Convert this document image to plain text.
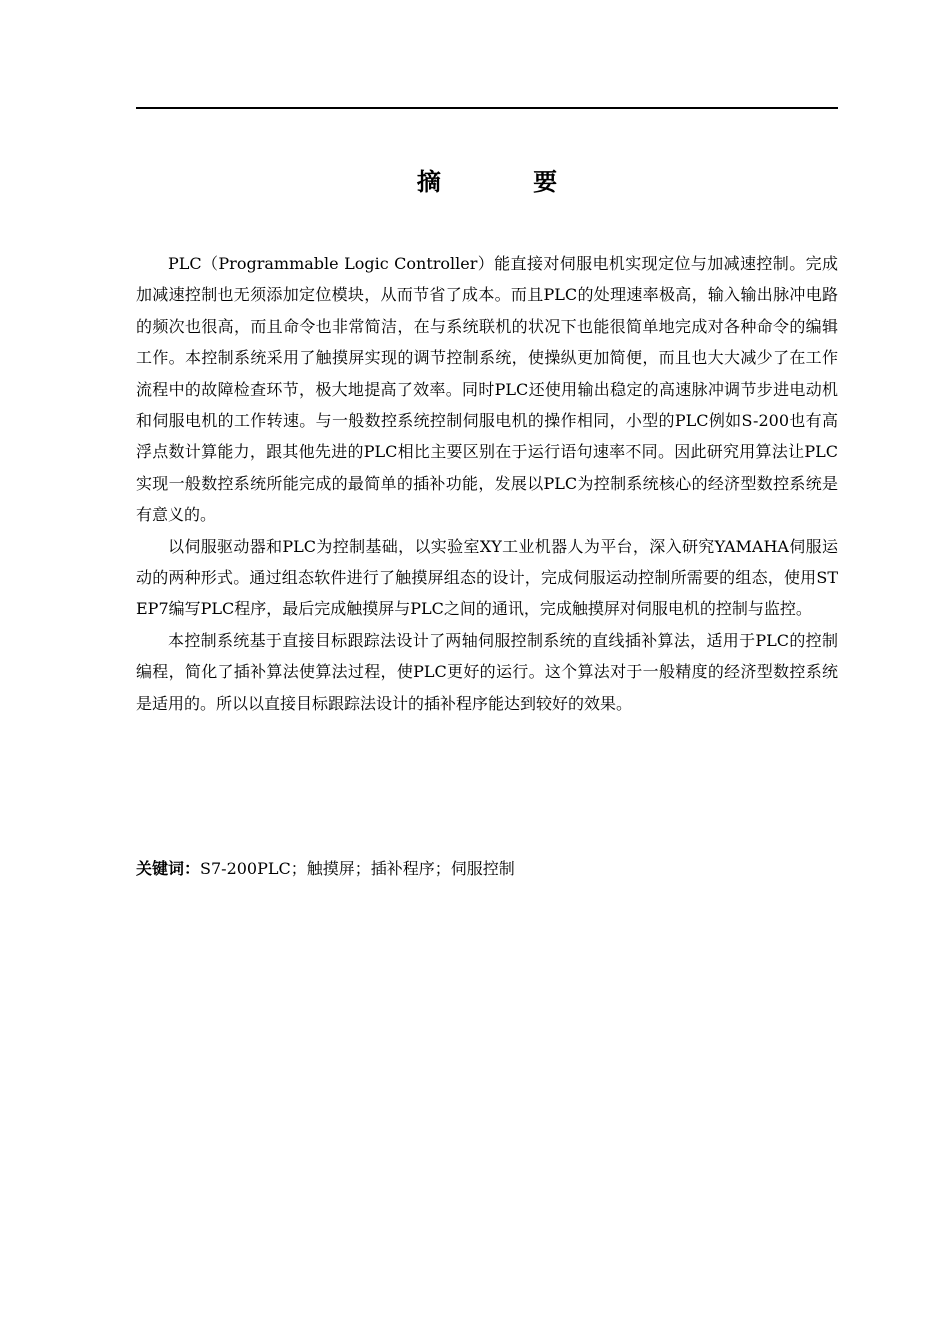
摘 要

PLC（Programmable Logic Controller）能直接对伺服电机实现定位与加减速控制。完成加减速控制也无须添加定位模块，从而节省了成本。而且PLC的处理速率极高，输入输出脉冲电路的频次也很高，而且命令也非常简洁，在与系统联机的状况下也能很简单地完成对各种命令的编辑工作。本控制系统采用了触摸屏实现的调节控制系统，使操纵更加简便，而且也大大减少了在工作流程中的故障检查环节，极大地提高了效率。同时PLC还使用输出稳定的高速脉冲调节步进电动机和伺服电机的工作转速。与一般数控系统控制伺服电机的操作相同，小型的PLC例如S-200也有高浮点数计算能力，跟其他先进的PLC相比主要区别在于运行语句速率不同。因此研究用算法让PLC实现一般数控系统所能完成的最简单的插补功能，发展以PLC为控制系统核心的经济型数控系统是有意义的。

以伺服驱动器和PLC为控制基础，以实验室XY工业机器人为平台，深入研究YAMAHA伺服运动的两种形式。通过组态软件进行了触摸屏组态的设计，完成伺服运动控制所需要的组态，使用STEP7编写PLC程序，最后完成触摸屏与PLC之间的通讯，完成触摸屏对伺服电机的控制与监控。

本控制系统基于直接目标跟踪法设计了两轴伺服控制系统的直线插补算法，适用于PLC的控制编程，简化了插补算法使算法过程，使PLC更好的运行。这个算法对于一般精度的经济型数控系统是适用的。所以以直接目标跟踪法设计的插补程序能达到较好的效果。

关键词：S7-200PLC；触摸屏；插补程序；伺服控制
